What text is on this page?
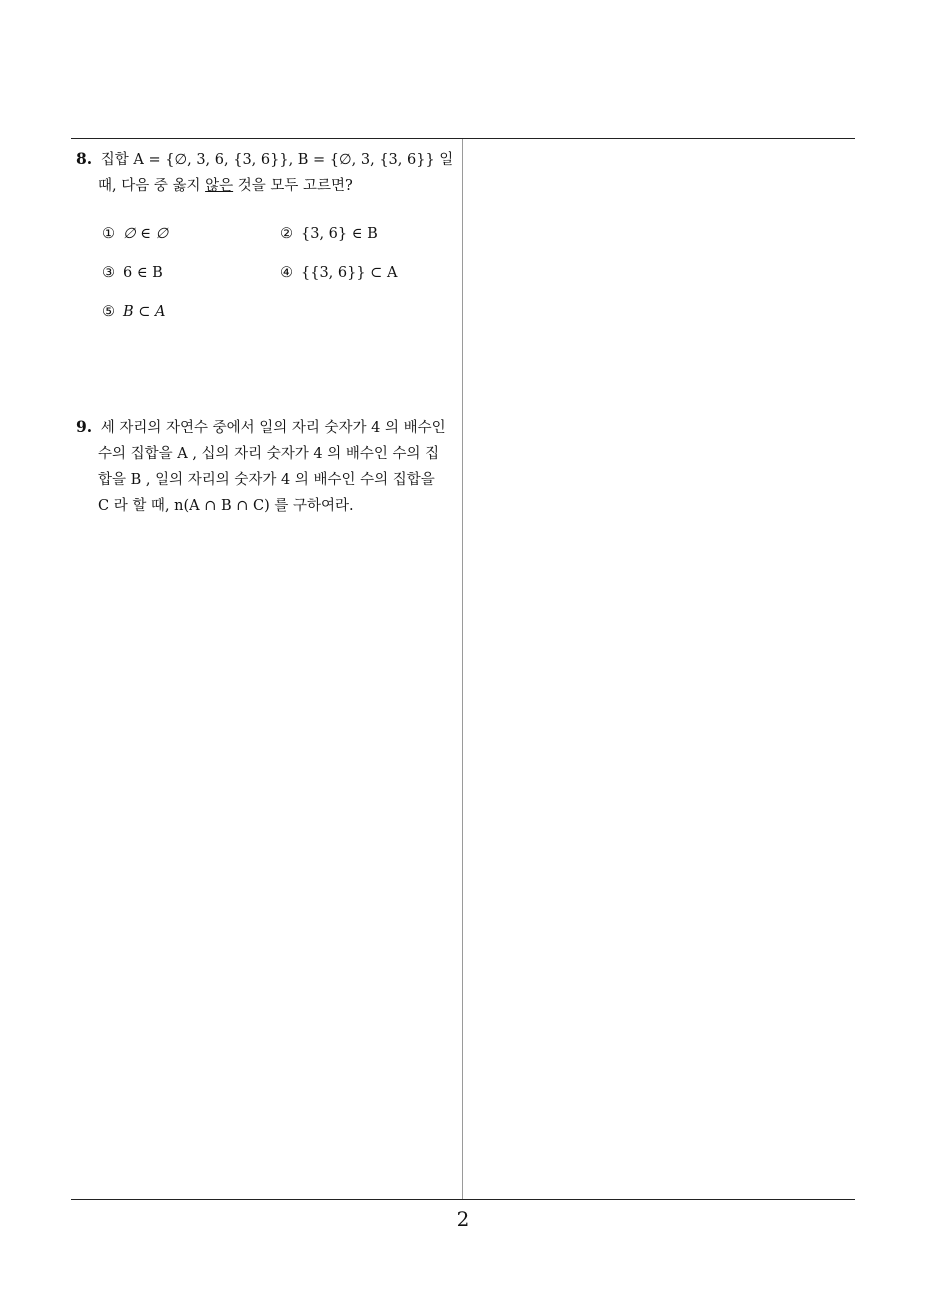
8. 집합 A = {∅, 3, 6, {3, 6}}, B = {∅, 3, {3, 6}} 일
때, 다음 중 옳지 않은 것을 모두 고르면?
① ∅ ∈ ∅	② {3, 6} ∈ B
③ 6 ∈ B	④ {{3, 6}} ⊂ A
⑤ B ⊂ A
9. 세 자리의 자연수 중에서 일의 자리 숫자가 4 의 배수인
수의 집합을 A , 십의 자리 숫자가 4 의 배수인 수의 집
합을 B , 일의 자리의 숫자가 4 의 배수인 수의 집합을
C 라 할 때, n(A ∩ B ∩ C) 를 구하여라.
2
